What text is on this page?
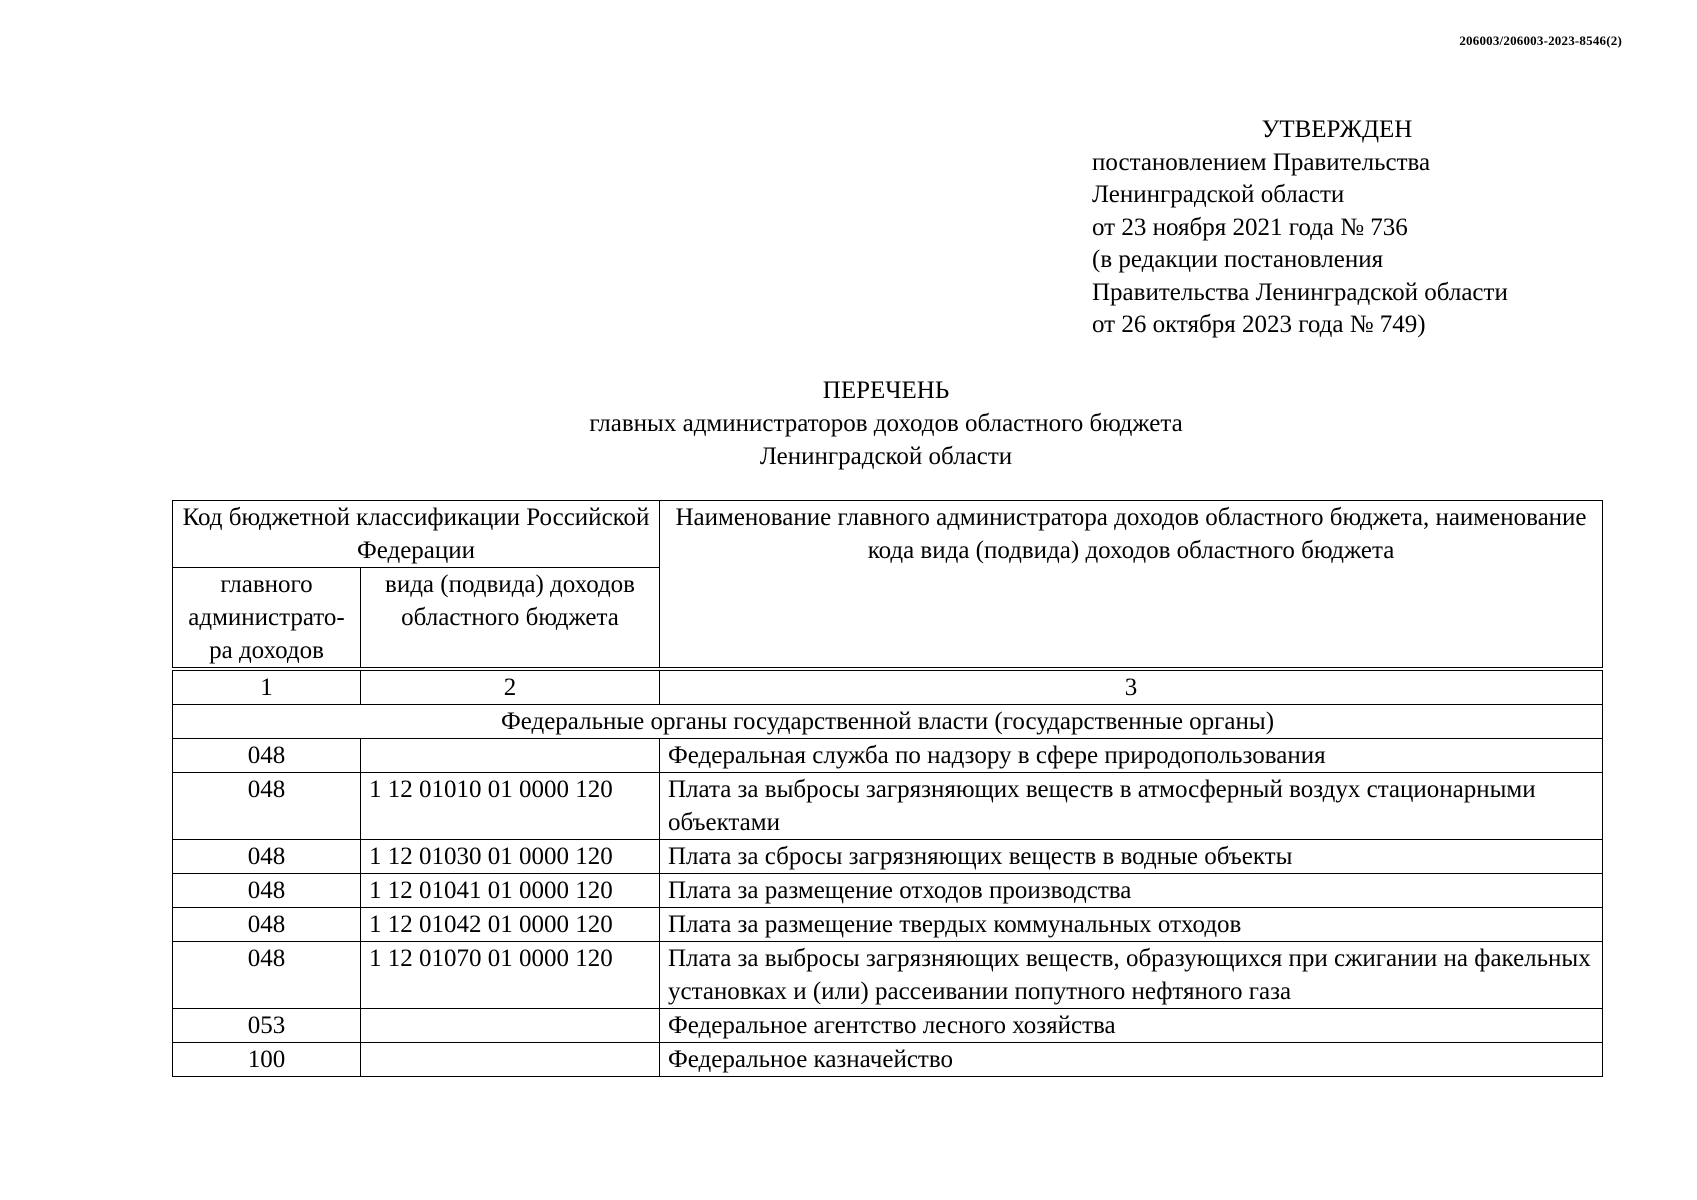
206003/206003-2023-8546(2)
УТВЕРЖДЕН
постановлением Правительства
Ленинградской области
от 23 ноября 2021 года № 736
(в редакции постановления
Правительства Ленинградской области
от 26 октября 2023 года № 749)
ПЕРЕЧЕНЬ
главных администраторов доходов областного бюджета
Ленинградской области
Код бюджетной классификации Российской Федерации		Наименование главного администратора доходов областного бюджета, наименование кода вида (подвида) доходов областного бюджета
главного администрато-ра доходов	вида (подвида) доходов областного бюджета	
1	2	3
Федеральные органы государственной власти (государственные органы)		
048		Федеральная служба по надзору в сфере природопользования
048	1 12 01010 01 0000 120	Плата за выбросы загрязняющих веществ в атмосферный воздух стационарными объектами
048	1 12 01030 01 0000 120	Плата за сбросы загрязняющих веществ в водные объекты
048	1 12 01041 01 0000 120	Плата за размещение отходов производства
048	1 12 01042 01 0000 120	Плата за размещение твердых коммунальных отходов
048	1 12 01070 01 0000 120	Плата за выбросы загрязняющих веществ, образующихся при сжигании на факельных установках и (или) рассеивании попутного нефтяного газа
053		Федеральное агентство лесного хозяйства
100		Федеральное казначейство
